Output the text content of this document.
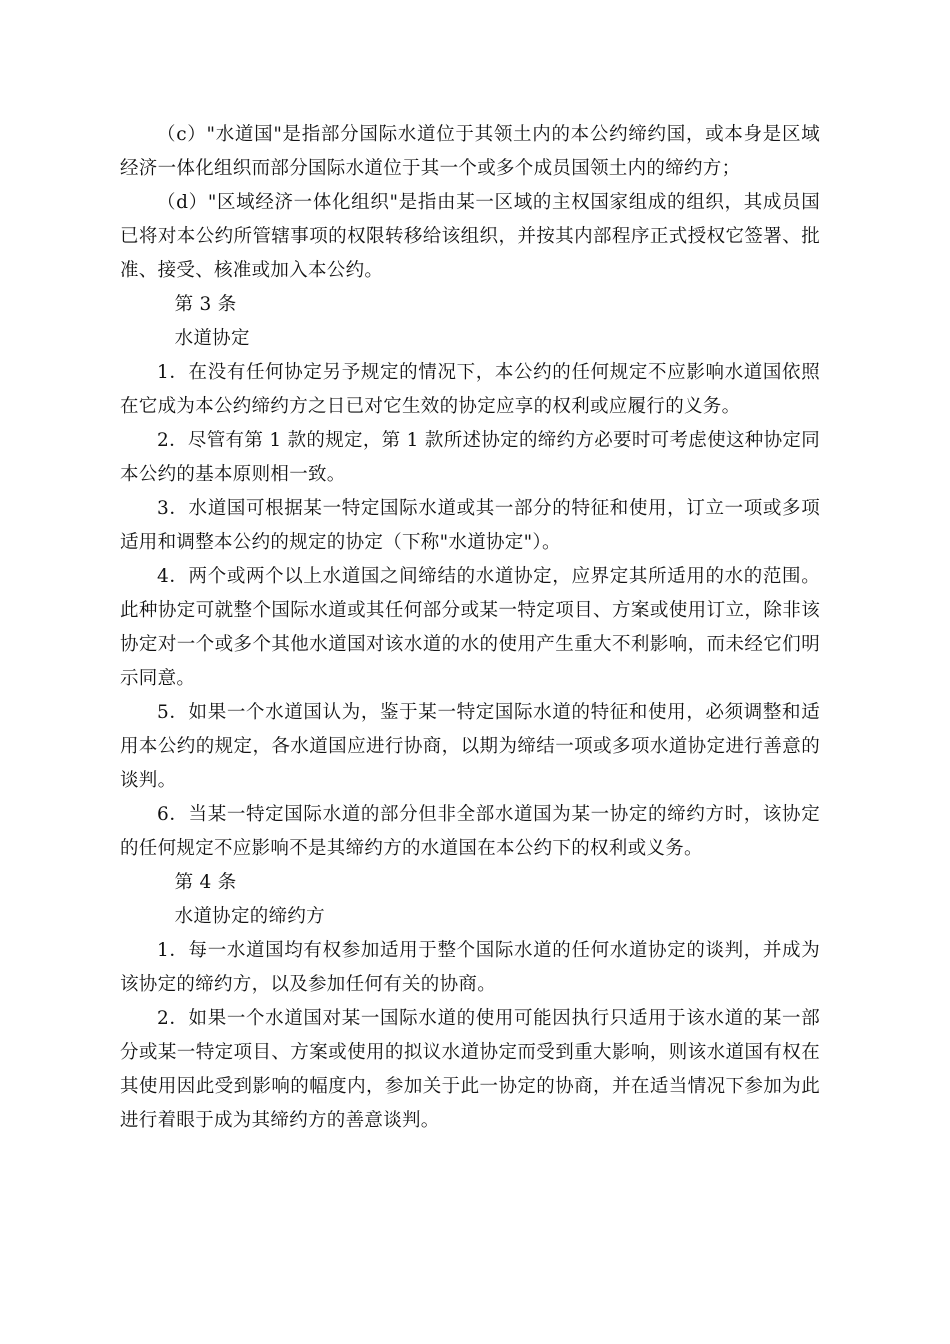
（c）"水道国"是指部分国际水道位于其领土内的本公约缔约国，或本身是区域经济一体化组织而部分国际水道位于其一个或多个成员国领土内的缔约方；

（d）"区域经济一体化组织"是指由某一区域的主权国家组成的组织，其成员国已将对本公约所管辖事项的权限转移给该组织，并按其内部程序正式授权它签署、批准、接受、核准或加入本公约。

第 3 条

水道协定

1．在没有任何协定另予规定的情况下，本公约的任何规定不应影响水道国依照在它成为本公约缔约方之日已对它生效的协定应享的权利或应履行的义务。

2．尽管有第 1 款的规定，第 1 款所述协定的缔约方必要时可考虑使这种协定同本公约的基本原则相一致。

3．水道国可根据某一特定国际水道或其一部分的特征和使用，订立一项或多项适用和调整本公约的规定的协定（下称"水道协定"）。

4．两个或两个以上水道国之间缔结的水道协定，应界定其所适用的水的范围。此种协定可就整个国际水道或其任何部分或某一特定项目、方案或使用订立，除非该协定对一个或多个其他水道国对该水道的水的使用产生重大不利影响，而未经它们明示同意。

5．如果一个水道国认为，鉴于某一特定国际水道的特征和使用，必须调整和适用本公约的规定，各水道国应进行协商，以期为缔结一项或多项水道协定进行善意的谈判。

6．当某一特定国际水道的部分但非全部水道国为某一协定的缔约方时，该协定的任何规定不应影响不是其缔约方的水道国在本公约下的权利或义务。

第 4 条

水道协定的缔约方

1．每一水道国均有权参加适用于整个国际水道的任何水道协定的谈判，并成为该协定的缔约方，以及参加任何有关的协商。

2．如果一个水道国对某一国际水道的使用可能因执行只适用于该水道的某一部分或某一特定项目、方案或使用的拟议水道协定而受到重大影响，则该水道国有权在其使用因此受到影响的幅度内，参加关于此一协定的协商，并在适当情况下参加为此进行着眼于成为其缔约方的善意谈判。
